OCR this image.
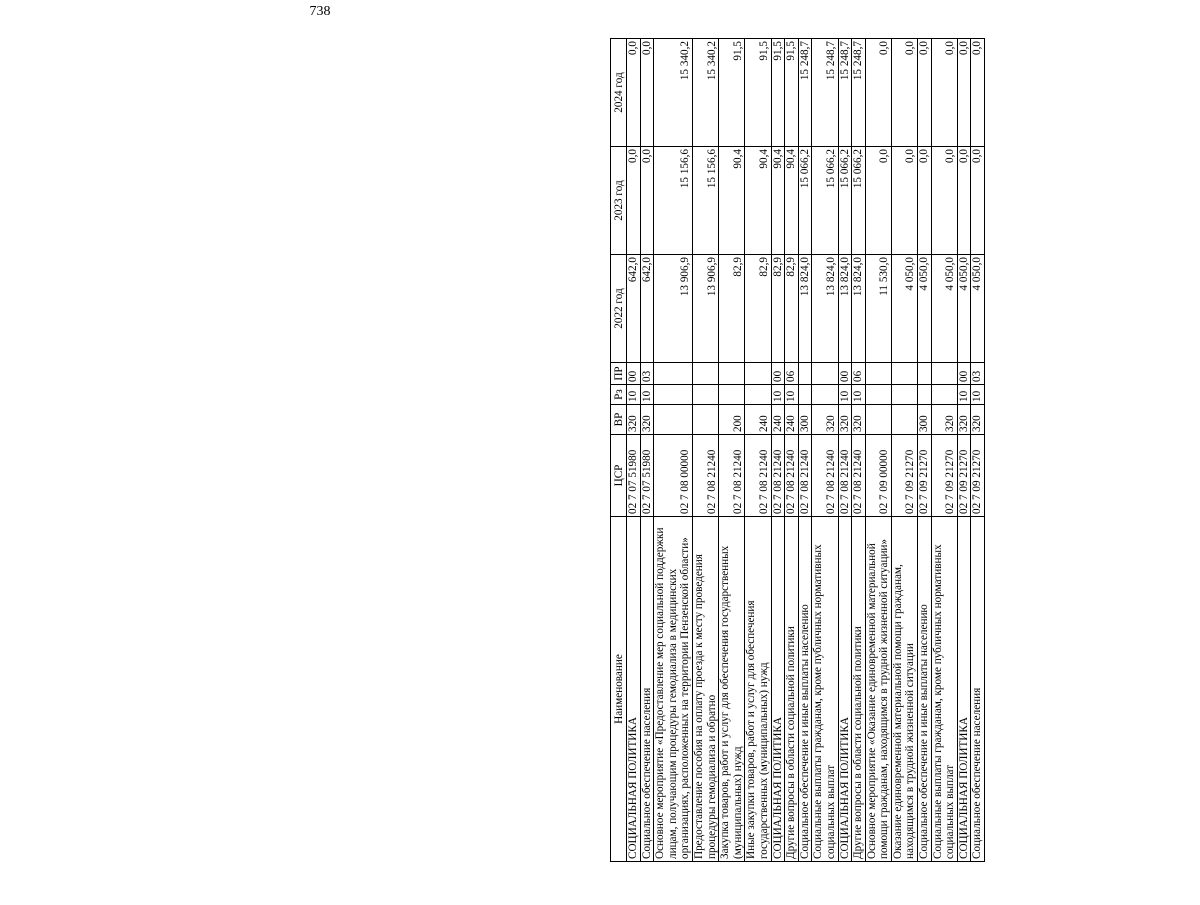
738
Наименование	ЦСР	ВР	Рз	ПР	2022 год	2023 год	2024 год
СОЦИАЛЬНАЯ ПОЛИТИКА	02 7 07 51980	320	10	00	642,0	0,0	0,0
Социальное обеспечение населения	02 7 07 51980	320	10	03	642,0	0,0	0,0
Основное мероприятие «Предоставление мер социальной поддержки лицам, получающим процедуры гемодиализа в медицинских организациях, расположенных на территории Пензенской области»	02 7 08 00000				13 906,9	15 156,6	15 340,2
Предоставление пособия на оплату проезда к месту проведения процедуры гемодиализа и обратно	02 7 08 21240				13 906,9	15 156,6	15 340,2
Закупка товаров, работ и услуг для обеспечения государственных (муниципальных) нужд	02 7 08 21240	200			82,9	90,4	91,5
Иные закупки товаров, работ и услуг для обеспечения государственных (муниципальных) нужд	02 7 08 21240	240			82,9	90,4	91,5
СОЦИАЛЬНАЯ ПОЛИТИКА	02 7 08 21240	240	10	00	82,9	90,4	91,5
Другие вопросы в области социальной политики	02 7 08 21240	240	10	06	82,9	90,4	91,5
Социальное обеспечение и иные выплаты населению	02 7 08 21240	300			13 824,0	15 066,2	15 248,7
Социальные выплаты гражданам, кроме публичных нормативных социальных выплат	02 7 08 21240	320			13 824,0	15 066,2	15 248,7
СОЦИАЛЬНАЯ ПОЛИТИКА	02 7 08 21240	320	10	00	13 824,0	15 066,2	15 248,7
Другие вопросы в области социальной политики	02 7 08 21240	320	10	06	13 824,0	15 066,2	15 248,7
Основное мероприятие «Оказание единовременной материальной помощи гражданам, находящимся в трудной жизненной ситуации»	02 7 09 00000				11 530,0	0,0	0,0
Оказание единовременной материальной помощи гражданам, находящимся в трудной жизненной ситуации	02 7 09 21270				4 050,0	0,0	0,0
Социальное обеспечение и иные выплаты населению	02 7 09 21270	300			4 050,0	0,0	0,0
Социальные выплаты гражданам, кроме публичных нормативных социальных выплат	02 7 09 21270	320			4 050,0	0,0	0,0
СОЦИАЛЬНАЯ ПОЛИТИКА	02 7 09 21270	320	10	00	4 050,0	0,0	0,0
Социальное обеспечение населения	02 7 09 21270	320	10	03	4 050,0	0,0	0,0
